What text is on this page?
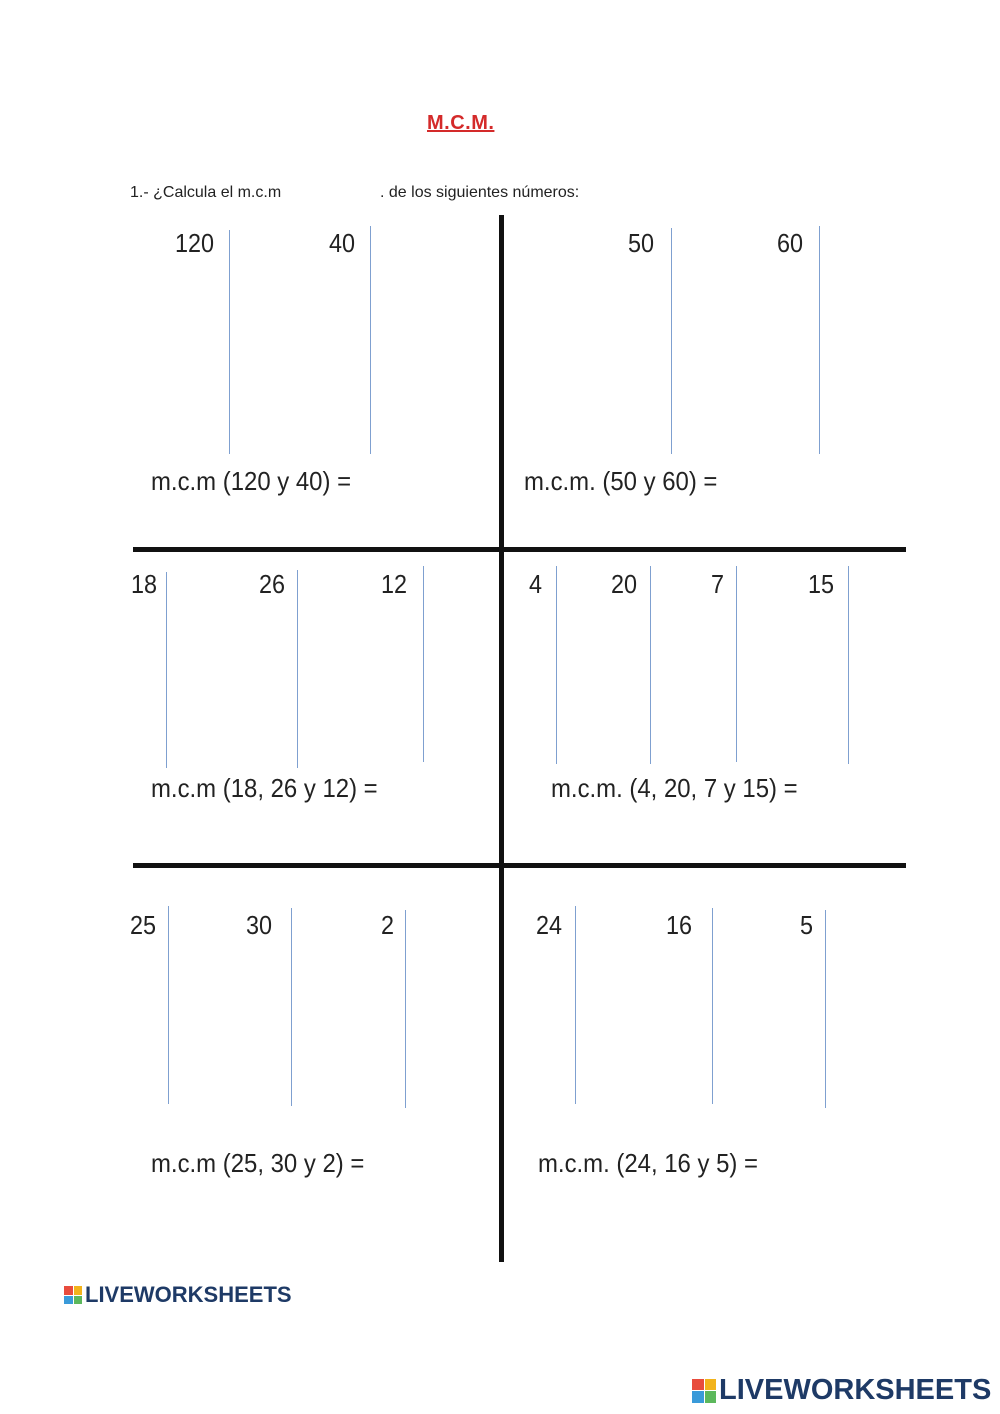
M.C.M.
1.- ¿Calcula el m.c.m	. de los siguientes números:
120	40
m.c.m (120 y 40) =
50	60
m.c.m. (50 y 60) =
18	26	12
m.c.m (18, 26 y 12) =
4	20	7	15
m.c.m. (4, 20, 7 y 15) =
25	30	2
m.c.m (25, 30 y 2) =
24	16	5
m.c.m. (24, 16 y 5) =
LIVEWORKSHEETS
LIVEWORKSHEETS
